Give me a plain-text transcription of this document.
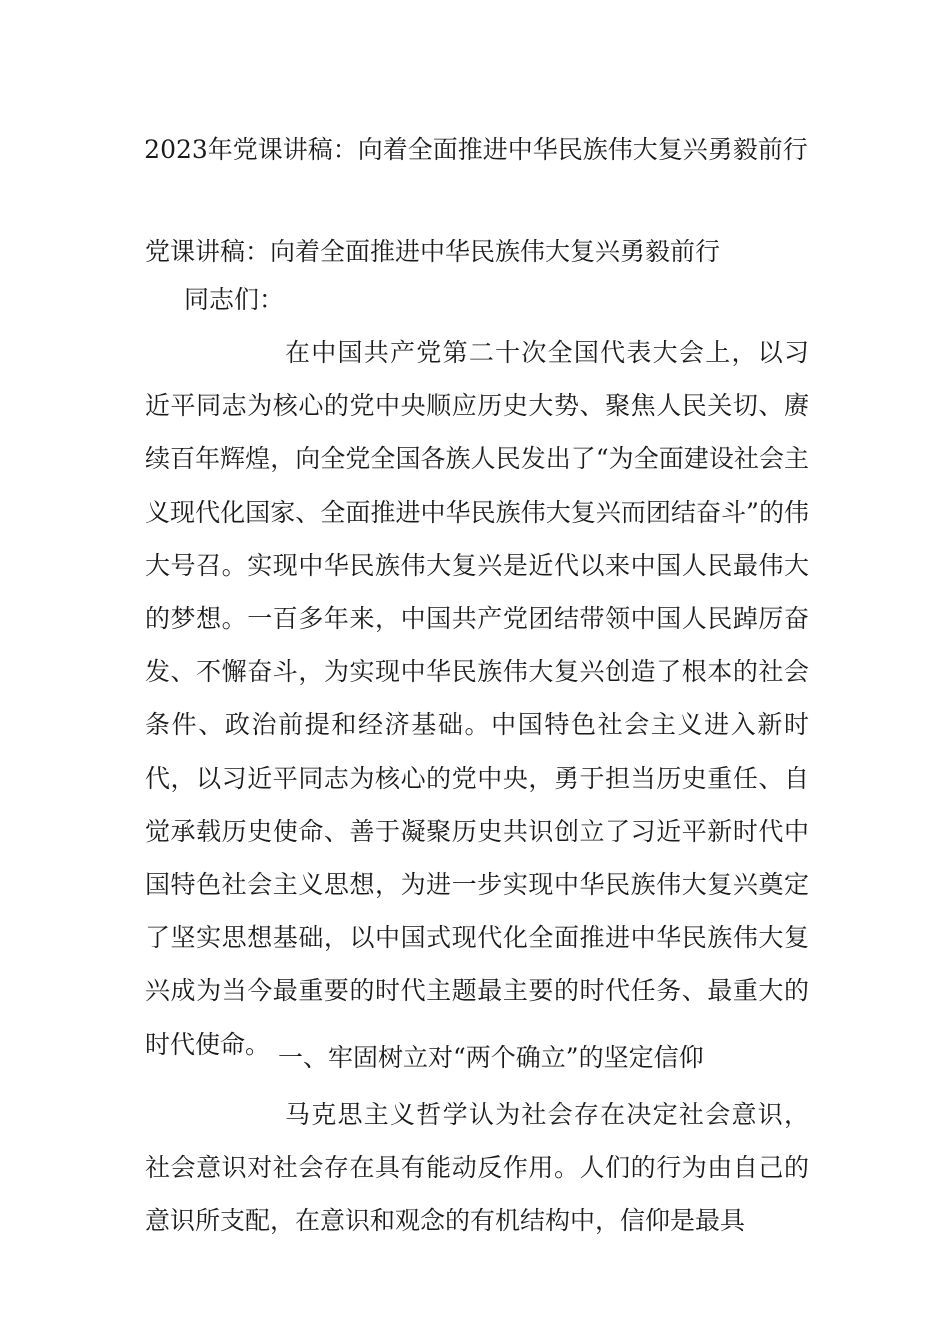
2023年党课讲稿：向着全面推进中华民族伟大复兴勇毅前行

党课讲稿：向着全面推进中华民族伟大复兴勇毅前行

同志们：

在中国共产党第二十次全国代表大会上，以习近平同志为核心的党中央顺应历史大势、聚焦人民关切、赓续百年辉煌，向全党全国各族人民发出了“为全面建设社会主义现代化国家、全面推进中华民族伟大复兴而团结奋斗”的伟大号召。实现中华民族伟大复兴是近代以来中国人民最伟大的梦想。一百多年来，中国共产党团结带领中国人民踔厉奋发、不懈奋斗，为实现中华民族伟大复兴创造了根本的社会条件、政治前提和经济基础。中国特色社会主义进入新时代，以习近平同志为核心的党中央，勇于担当历史重任、自觉承载历史使命、善于凝聚历史共识创立了习近平新时代中国特色社会主义思想，为进一步实现中华民族伟大复兴奠定了坚实思想基础，以中国式现代化全面推进中华民族伟大复兴成为当今最重要的时代主题最主要的时代任务、最重大的时代使命。 一、牢固树立对“两个确立”的坚定信仰

马克思主义哲学认为社会存在决定社会意识，社会意识对社会存在具有能动反作用。人们的行为由自己的意识所支配，在意识和观念的有机结构中，信仰是最具
